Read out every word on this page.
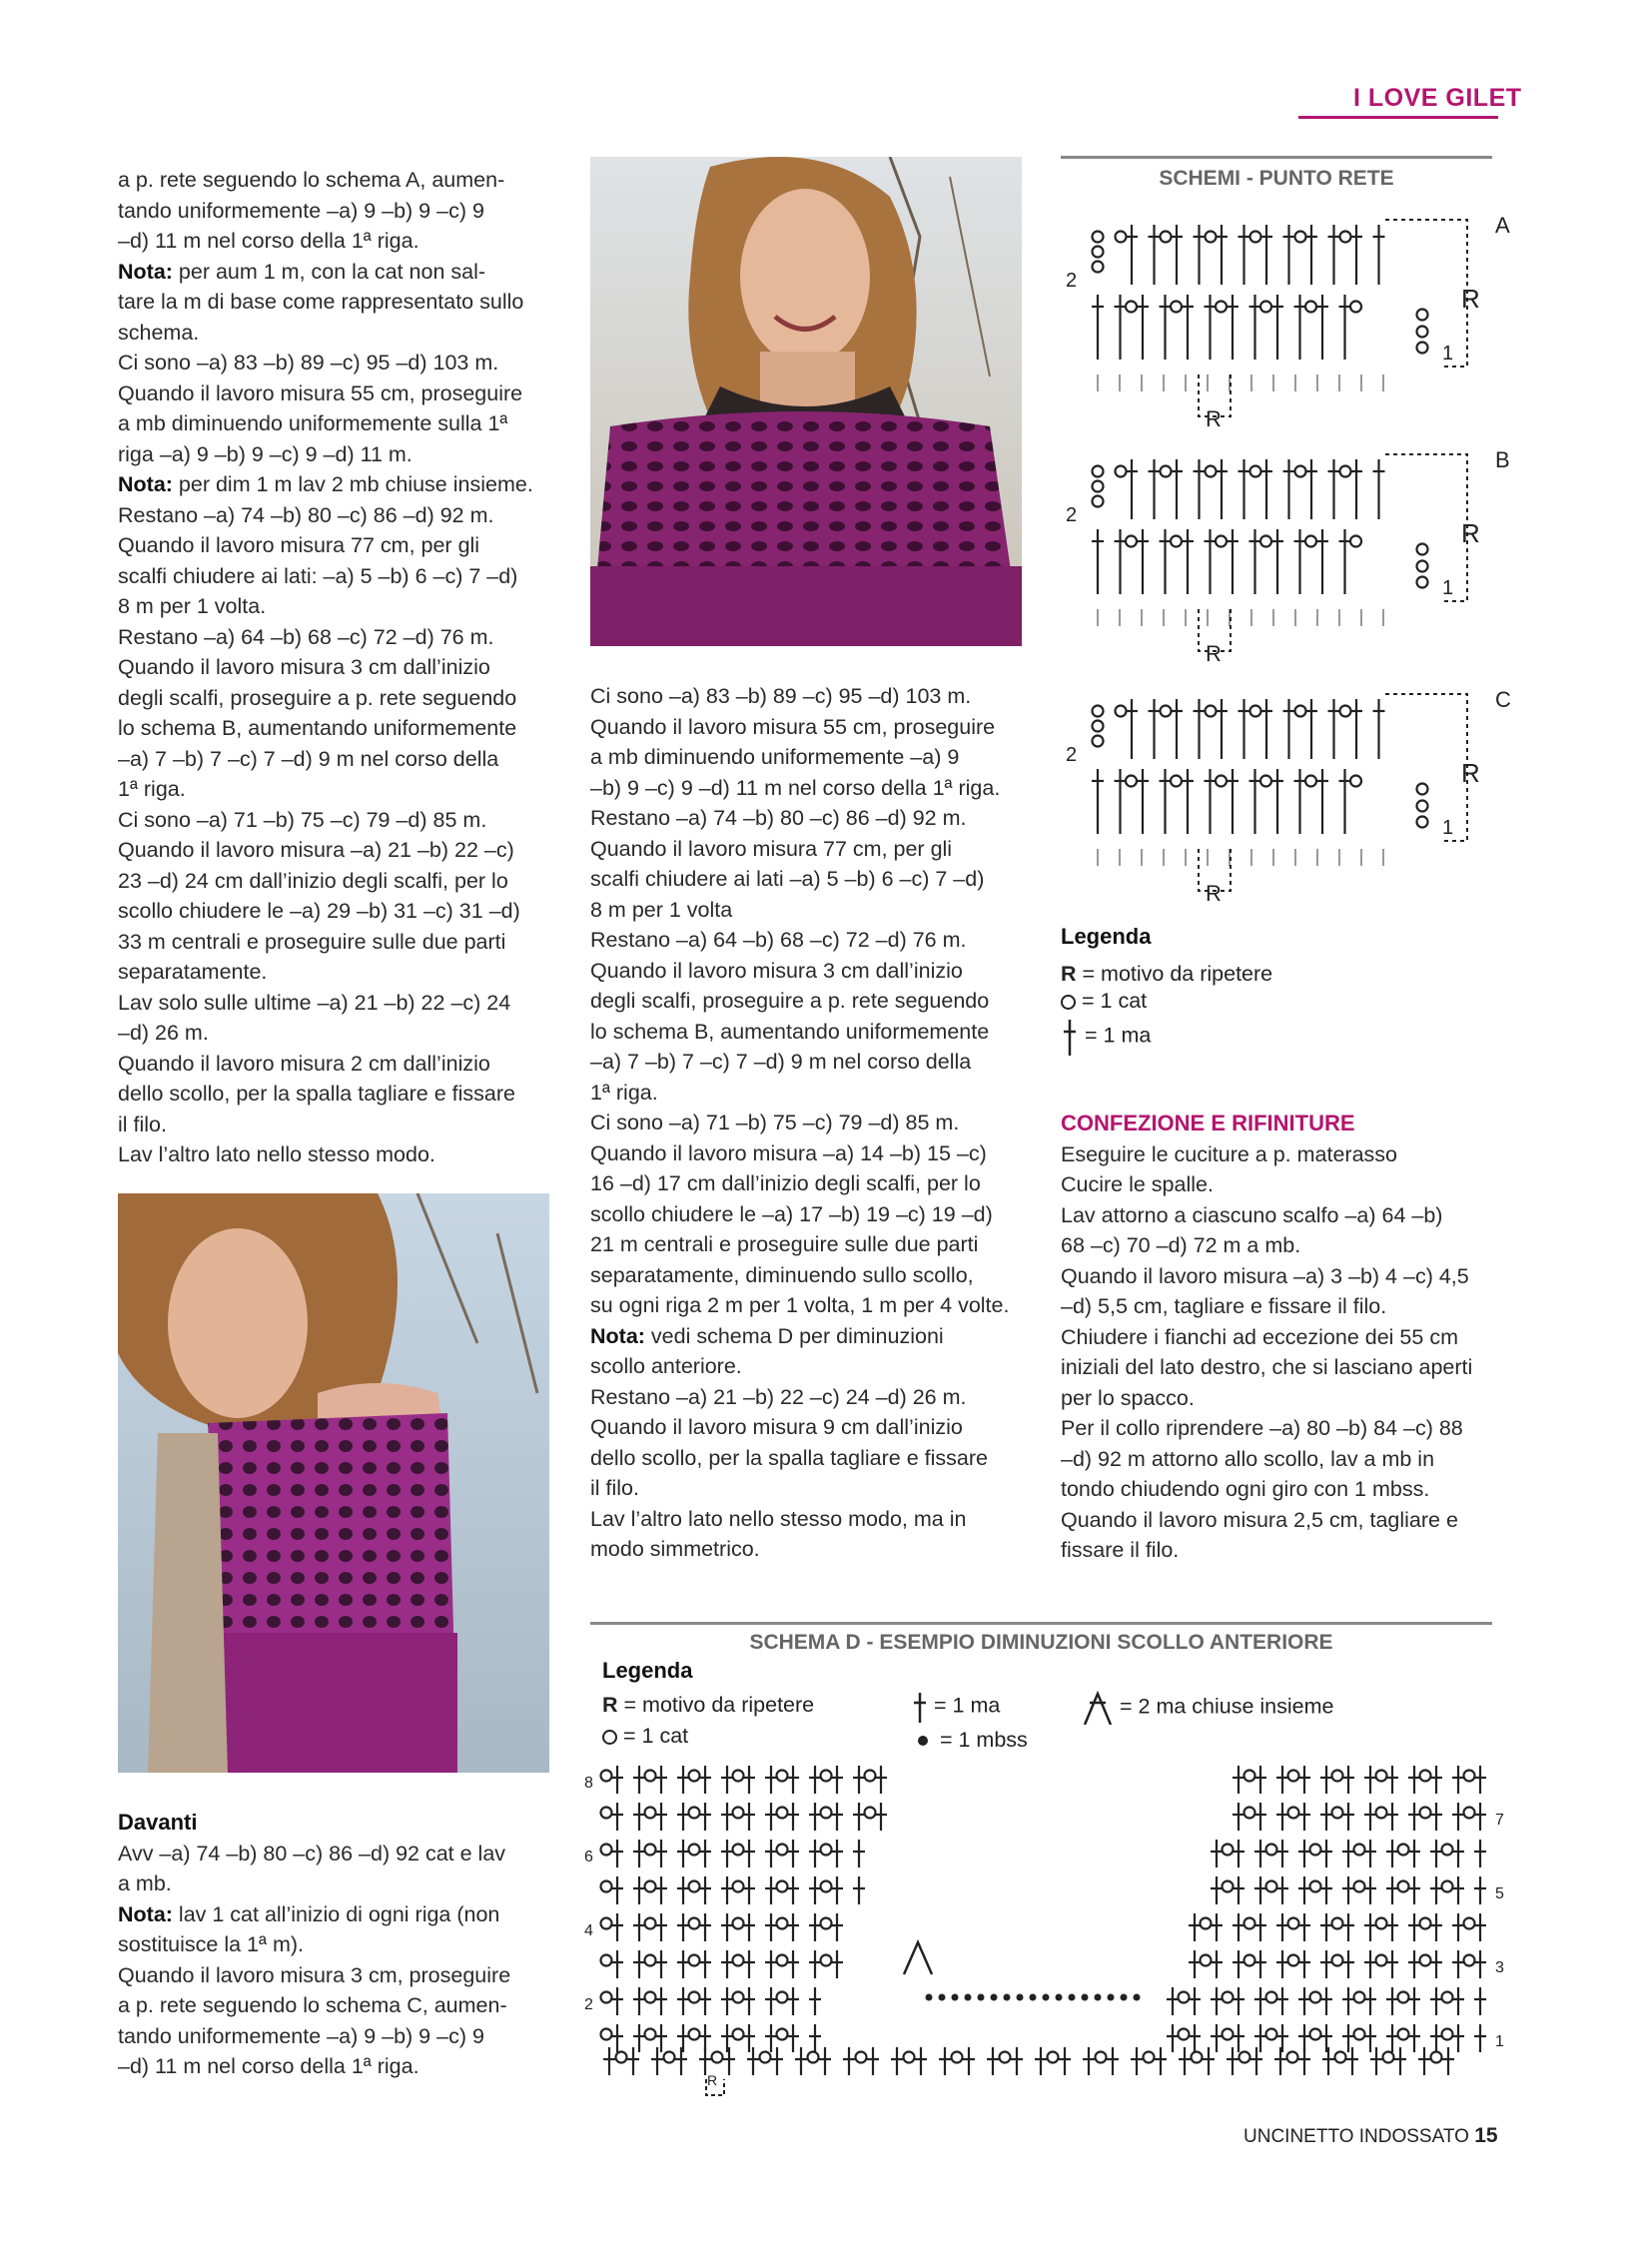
I LOVE GILET

a p. rete seguendo lo schema A, aumen-

tando uniformemente –a) 9 –b) 9 –c) 9

–d) 11 m nel corso della 1ª riga.

Nota: per aum 1 m, con la cat non sal-

tare la m di base come rappresentato sullo

schema.

Ci sono –a) 83 –b) 89 –c) 95 –d) 103 m.

Quando il lavoro misura 55 cm, proseguire

a mb diminuendo uniformemente sulla 1ª

riga –a) 9 –b) 9 –c) 9 –d) 11 m.

Nota: per dim 1 m lav 2 mb chiuse insieme.

Restano –a) 74 –b) 80 –c) 86 –d) 92 m.

Quando il lavoro misura 77 cm, per gli

scalfi chiudere ai lati: –a) 5 –b) 6 –c) 7 –d)

8 m per 1 volta.

Restano –a) 64 –b) 68 –c) 72 –d) 76 m.

Quando il lavoro misura 3 cm dall’inizio

degli scalfi, proseguire a p. rete seguendo

lo schema B, aumentando uniformemente

–a) 7 –b) 7 –c) 7 –d) 9 m nel corso della

1ª riga.

Ci sono –a) 71 –b) 75 –c) 79 –d) 85 m.

Quando il lavoro misura –a) 21 –b) 22 –c)

23 –d) 24 cm dall’inizio degli scalfi, per lo

scollo chiudere le –a) 29 –b) 31 –c) 31 –d)

33 m centrali e proseguire sulle due parti

separatamente.

Lav solo sulle ultime –a) 21 –b) 22 –c) 24

–d) 26 m.

Quando il lavoro misura 2 cm dall’inizio

dello scollo, per la spalla tagliare e fissare

il filo.

Lav l’altro lato nello stesso modo.

Ci sono –a) 83 –b) 89 –c) 95 –d) 103 m.

Quando il lavoro misura 55 cm, proseguire

a mb diminuendo uniformemente –a) 9

–b) 9 –c) 9 –d) 11 m nel corso della 1ª riga.

Restano –a) 74 –b) 80 –c) 86 –d) 92 m.

Quando il lavoro misura 77 cm, per gli

scalfi chiudere ai lati –a) 5 –b) 6 –c) 7 –d)

8 m per 1 volta

Restano –a) 64 –b) 68 –c) 72 –d) 76 m.

Quando il lavoro misura 3 cm dall’inizio

degli scalfi, proseguire a p. rete seguendo

lo schema B, aumentando uniformemente

–a) 7 –b) 7 –c) 7 –d) 9 m nel corso della

1ª riga.

Ci sono –a) 71 –b) 75 –c) 79 –d) 85 m.

Quando il lavoro misura –a) 14 –b) 15 –c)

16 –d) 17 cm dall’inizio degli scalfi, per lo

scollo chiudere le –a) 17 –b) 19 –c) 19 –d)

21 m centrali e proseguire sulle due parti

separatamente, diminuendo sullo scollo,

su ogni riga 2 m per 1 volta, 1 m per 4 volte.

Nota: vedi schema D per diminuzioni

scollo anteriore.

Restano –a) 21 –b) 22 –c) 24 –d) 26 m.

Quando il lavoro misura 9 cm dall’inizio

dello scollo, per la spalla tagliare e fissare

il filo.

Lav l’altro lato nello stesso modo, ma in

modo simmetrico.

Davanti

Avv –a) 74 –b) 80 –c) 86 –d) 92 cat e lav

a mb.

Nota: lav 1 cat all’inizio di ogni riga (non

sostituisce la 1ª m).

Quando il lavoro misura 3 cm, proseguire

a p. rete seguendo lo schema C, aumen-

tando uniformemente –a) 9 –b) 9 –c) 9

–d) 11 m nel corso della 1ª riga.

SCHEMI - PUNTO RETE
2
1
R
R
A
2
1
R
R
B
2
1
R
R
C
Legenda
R = motivo da ripetere
= 1 cat
= 1 ma
CONFEZIONE E RIFINITURE

Eseguire le cuciture a p. materasso

Cucire le spalle.

Lav attorno a ciascuno scalfo –a) 64 –b)

68 –c) 70 –d) 72 m a mb.

Quando il lavoro misura –a) 3 –b) 4 –c) 4,5

–d) 5,5 cm, tagliare e fissare il filo.

Chiudere i fianchi ad eccezione dei 55 cm

iniziali del lato destro, che si lasciano aperti

per lo spacco.

Per il collo riprendere –a) 80 –b) 84 –c) 88

–d) 92 m attorno allo scollo, lav a mb in

tondo chiudendo ogni giro con 1 mbss.

Quando il lavoro misura 2,5 cm, tagliare e

fissare il filo.

SCHEMA D - ESEMPIO DIMINUZIONI SCOLLO ANTERIORE
Legenda
R = motivo da ripetere
= 1 cat
= 1 ma
= 1 mbss
= 2 ma chiuse insieme
8
6
4
2
7
5
3
1
R
UNCINETTO INDOSSATO 15
